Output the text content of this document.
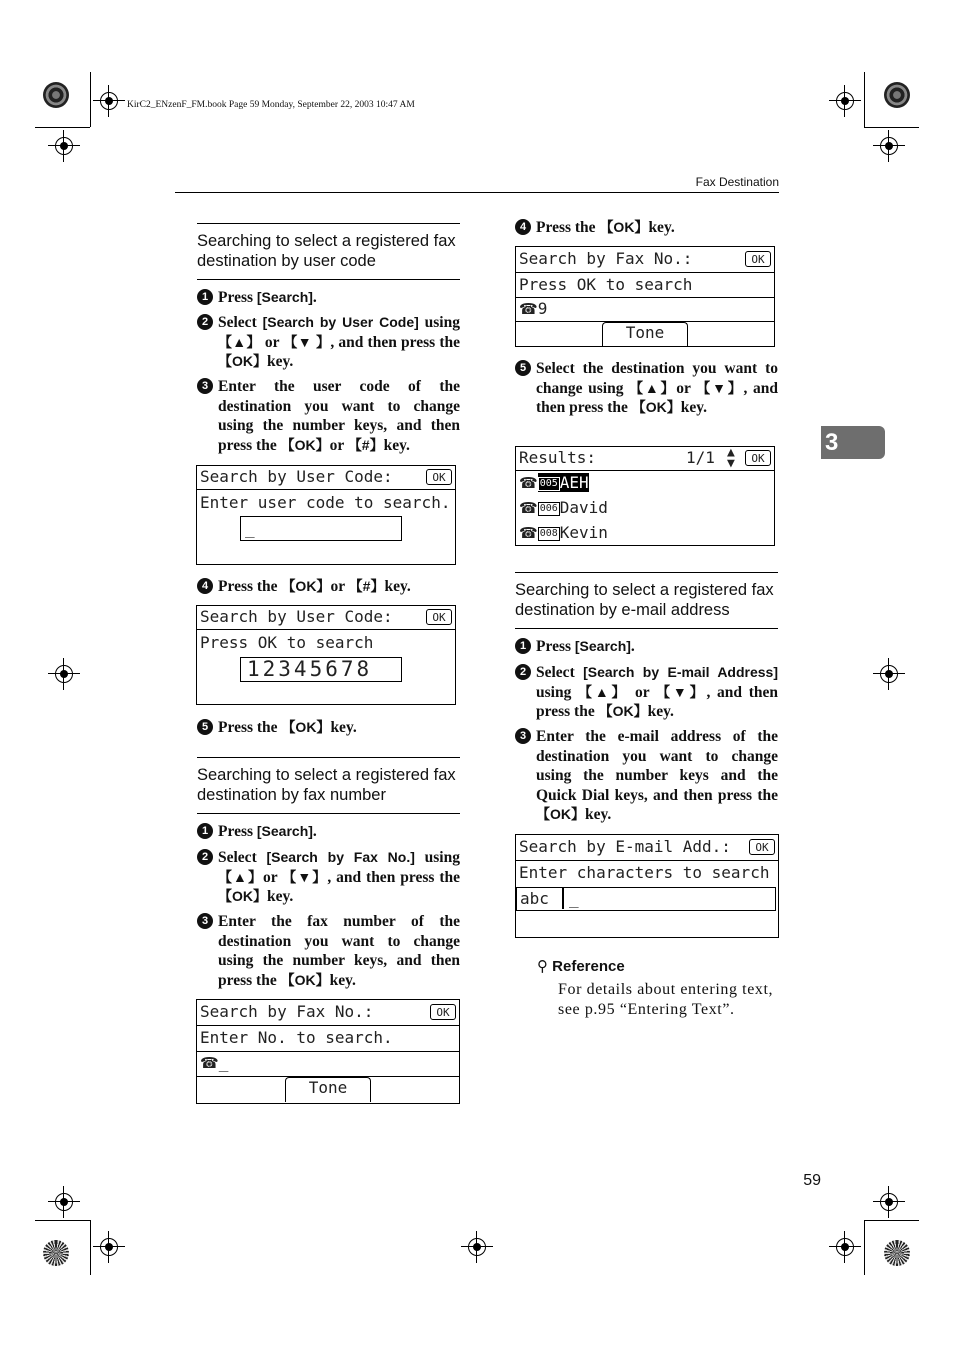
KirC2_ENzenF_FM.book Page 59 Monday, September 22, 2003 10:47 AM
Fax Destination
3
59
Searching to select a registered fax destination by user code
1 Press [Search].
2 Select [Search by User Code] using 【▲】 or 【▼ 】, and then press the 【OK】key.
3 Enter the user code of the destination you want to change using the number keys, and then press the 【OK】or 【#】key.
Search by User Code:	OK
Enter user code to search.
_
4 Press the 【OK】or 【#】key.
Search by User Code:	OK
Press OK to search
12345678
5 Press the 【OK】key.
Searching to select a registered fax destination by fax number
1 Press [Search].
2 Select [Search by Fax No.] using 【▲】or 【▼】, and then press the 【OK】key.
3 Enter the fax number of the destination you want to change using the number keys, and then press the 【OK】key.
Search by Fax No.:	OK
Enter No. to search.
☎_
Tone
4 Press the 【OK】key.
Search by Fax No.:	OK
Press OK to search
☎9
Tone
5 Select the destination you want to change using 【▲】or 【▼】, and then press the 【OK】key.
Results:	1/1 ▲
▼	OK
☎ 005 AEH
☎ 006 David
☎ 008 Kevin
Searching to select a registered fax destination by e-mail address
1 Press [Search].
2 Select [Search by E-mail Address] using 【▲】 or 【▼】, and then press the 【OK】key.
3 Enter the e-mail address of the destination you want to change using the number keys and the Quick Dial keys, and then press the 【OK】key.
Search by E-mail Add.:	OK
Enter characters to search
abc _
⚲ Reference
For details about entering text, see p.95 “Entering Text”.
